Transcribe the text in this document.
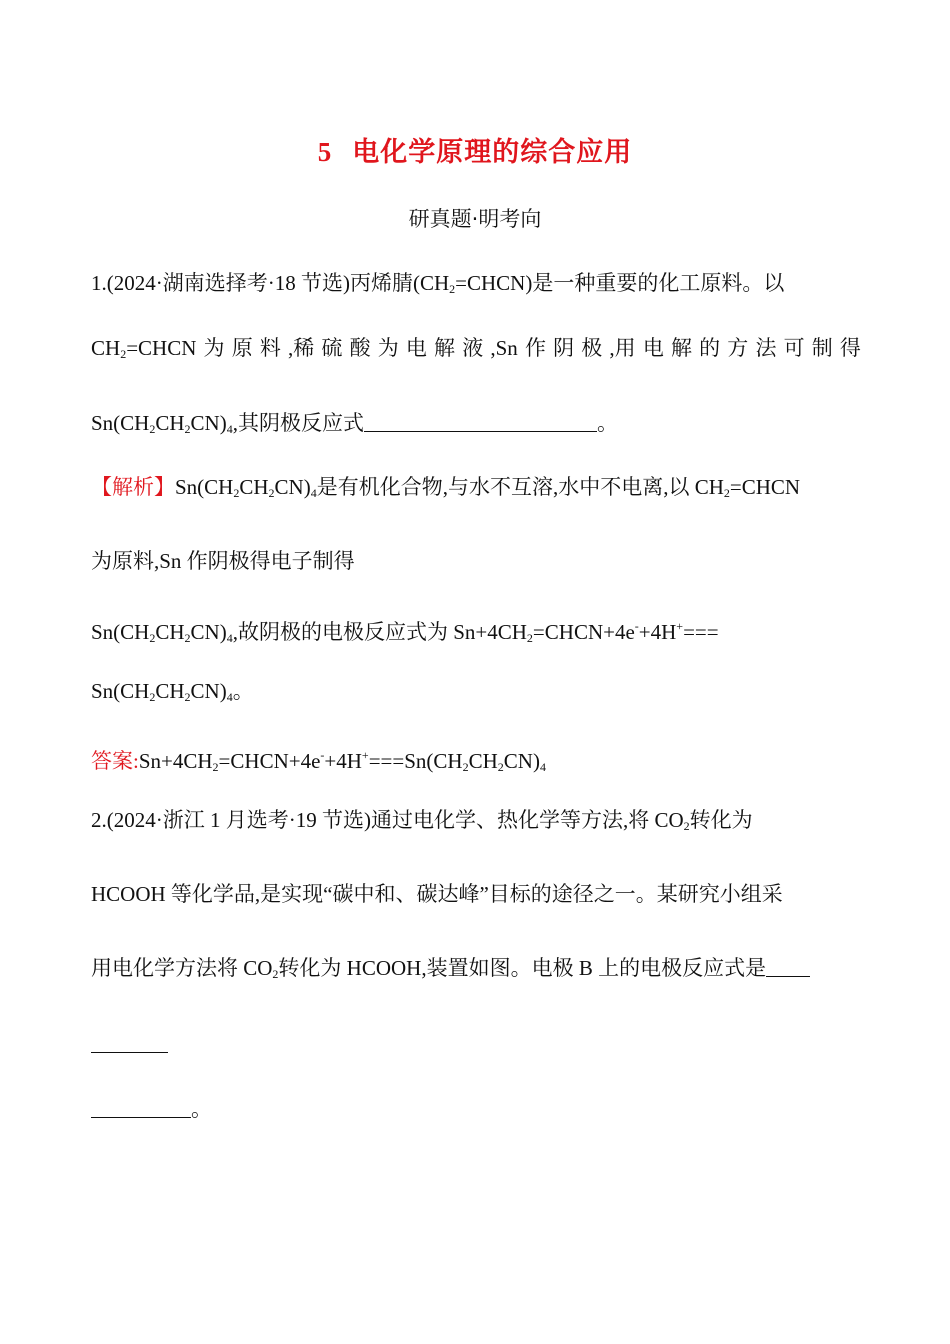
5 电化学原理的综合应用
研真题·明考向
1.(2024·湖南选择考·18 节选)丙烯腈$(CH_2=CHCN)$是一种重要的化工原料。以
$CH_2=CHCN$ 为 原 料 ,稀 硫 酸 为 电 解 液 ,Sn 作 阴 极 ,用 电 解 的 方 法 可 制 得
$Sn(CH_2CH_2CN)_4$,其阴极反应式	。
【解析】$Sn(CH_2CH_2CN)_4$是有机化合物,与水不互溶,水中不电离,以 $CH_2=CHCN$
为原料,Sn 作阴极得电子制得
$Sn(CH_2CH_2CN)_4$,故阴极的电极反应式为 $Sn+4CH_2=CHCN+4e^-+4H^+===$
$Sn(CH_2CH_2CN)_4$。
答案$:Sn+4CH_2=CHCN+4e^-+4H^+===Sn(CH_2CH_2CN)_4$
2.(2024·浙江 1 月选考·19 节选)通过电化学、热化学等方法,将 $CO_2$转化为
HCOOH 等化学品,是实现“碳中和、碳达峰”目标的途径之一。某研究小组采
用电化学方法将 $CO_2$转化为 HCOOH,装置如图。电极 B 上的电极反应式是
。
